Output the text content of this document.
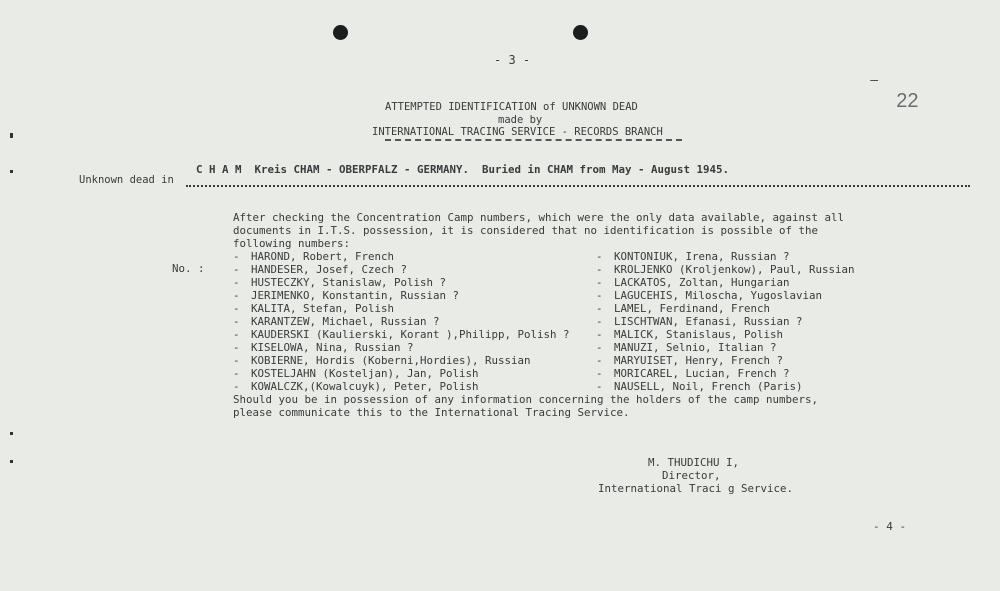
- 3 -

–
22

ATTEMPTED IDENTIFICATION of UNKNOWN DEAD
made by
INTERNATIONAL TRACING SERVICE - RECORDS BRANCH
C H A M  Kreis CHAM - OBERPFALZ - GERMANY.  Buried in CHAM from May - August 1945.
Unknown dead in
After checking the Concentration Camp numbers, which were the only data available, against all
documents in I.T.S. possession, it is considered that no identification is possible of the
following numbers:
No. :
- HAROND, Robert, French
- HANDESER, Josef, Czech ?
- HUSTECZKY, Stanislaw, Polish ?
- JERIMENKO, Konstantin, Russian ?
- KALITA, Stefan, Polish
- KARANTZEW, Michael, Russian ?
- KAUDERSKI (Kaulierski, Korant ),Philipp, Polish ?
- KISELOWA, Nina, Russian ?
- KOBIERNE, Hordis (Koberni,Hordies), Russian
- KOSTELJAHN (Kosteljan), Jan, Polish
- KOWALCZK,(Kowalcuyk), Peter, Polish
- KONTONIUK, Irena, Russian ?
- KROLJENKO (Kroljenkow), Paul, Russian
- LACKATOS, Zoltan, Hungarian
- LAGUCEHIS, Miloscha, Yugoslavian
- LAMEL, Ferdinand, French
- LISCHTWAN, Efanasi, Russian ?
- MALICK, Stanislaus, Polish
- MANUZI, Selnio, Italian ?
- MARYUISET, Henry, French ?
- MORICAREL, Lucian, French ?
- NAUSELL, Noil, French (Paris)
Should you be in possession of any information concerning the holders of the camp numbers,
please communicate this to the International Tracing Service.
M. THUDICHU I,
Director,
International Traci g Service.
- 4 -
